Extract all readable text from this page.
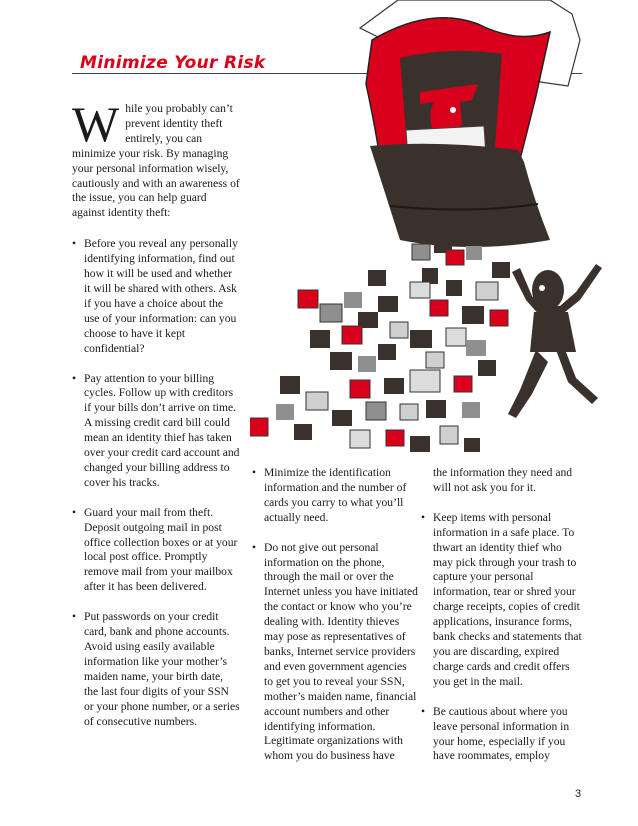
Minimize Your Risk

While you probably can’t prevent identity theft entirely, you can minimize your risk. By managing your personal information wisely, cautiously and with an awareness of the issue, you can help guard against identity theft:

• Before you reveal any personally identifying information, find out how it will be used and whether it will be shared with others. Ask if you have a choice about the use of your information: can you choose to have it kept confidential?
• Pay attention to your billing cycles. Follow up with creditors if your bills don’t arrive on time. A missing credit card bill could mean an identity thief has taken over your credit card account and changed your billing address to cover his tracks.
• Guard your mail from theft. Deposit outgoing mail in post office collection boxes or at your local post office. Promptly remove mail from your mailbox after it has been delivered.
• Put passwords on your credit card, bank and phone accounts. Avoid using easily available information like your mother’s maiden name, your birth date, the last four digits of your SSN or your phone number, or a series of consecutive numbers.
• Minimize the identification information and the number of cards you carry to what you’ll actually need.
• Do not give out personal information on the phone, through the mail or over the Internet unless you have initiated the contact or know who you’re dealing with. Identity thieves may pose as representatives of banks, Internet service providers and even government agencies to get you to reveal your SSN, mother’s maiden name, financial account numbers and other identifying information. Legitimate organizations with whom you do business have

the information they need and will not ask you for it.

• Keep items with personal information in a safe place. To thwart an identity thief who may pick through your trash to capture your personal information, tear or shred your charge receipts, copies of credit applications, insurance forms, bank checks and statements that you are discarding, expired charge cards and credit offers you get in the mail.
• Be cautious about where you leave personal information in your home, especially if you have roommates, employ
3
